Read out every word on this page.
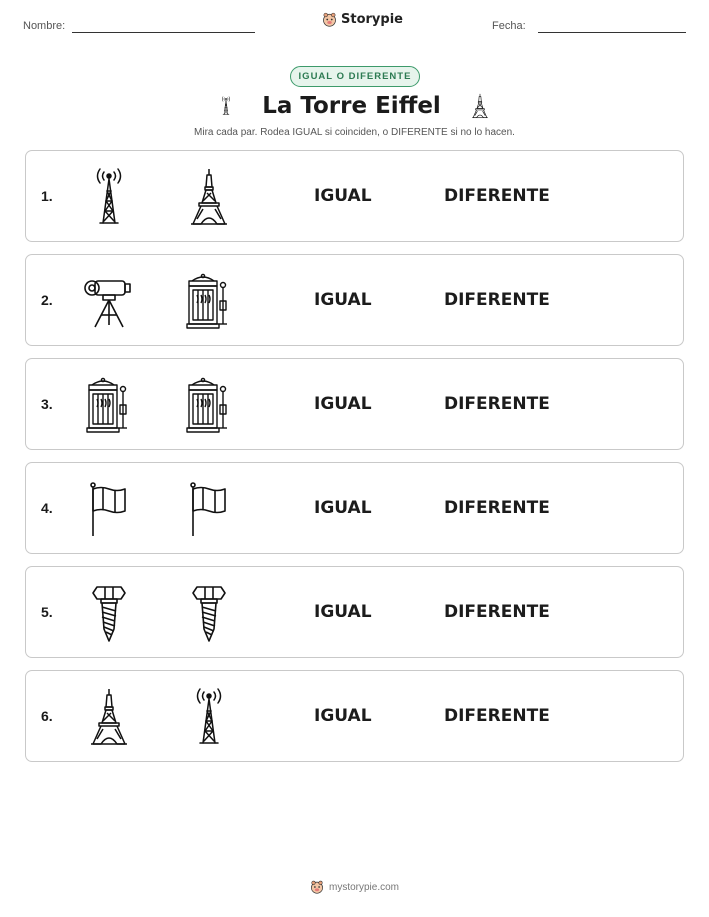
Nombre:	Storypie	Fecha:
IGUAL O DIFERENTE
La Torre Eiffel
Mira cada par. Rodea IGUAL si coinciden, o DIFERENTE si no lo hacen.
1.	IGUAL	DIFERENTE
2.	IGUAL	DIFERENTE
3.	IGUAL	DIFERENTE
4.	IGUAL	DIFERENTE
5.	IGUAL	DIFERENTE
6.	IGUAL	DIFERENTE
mystorypie.com
